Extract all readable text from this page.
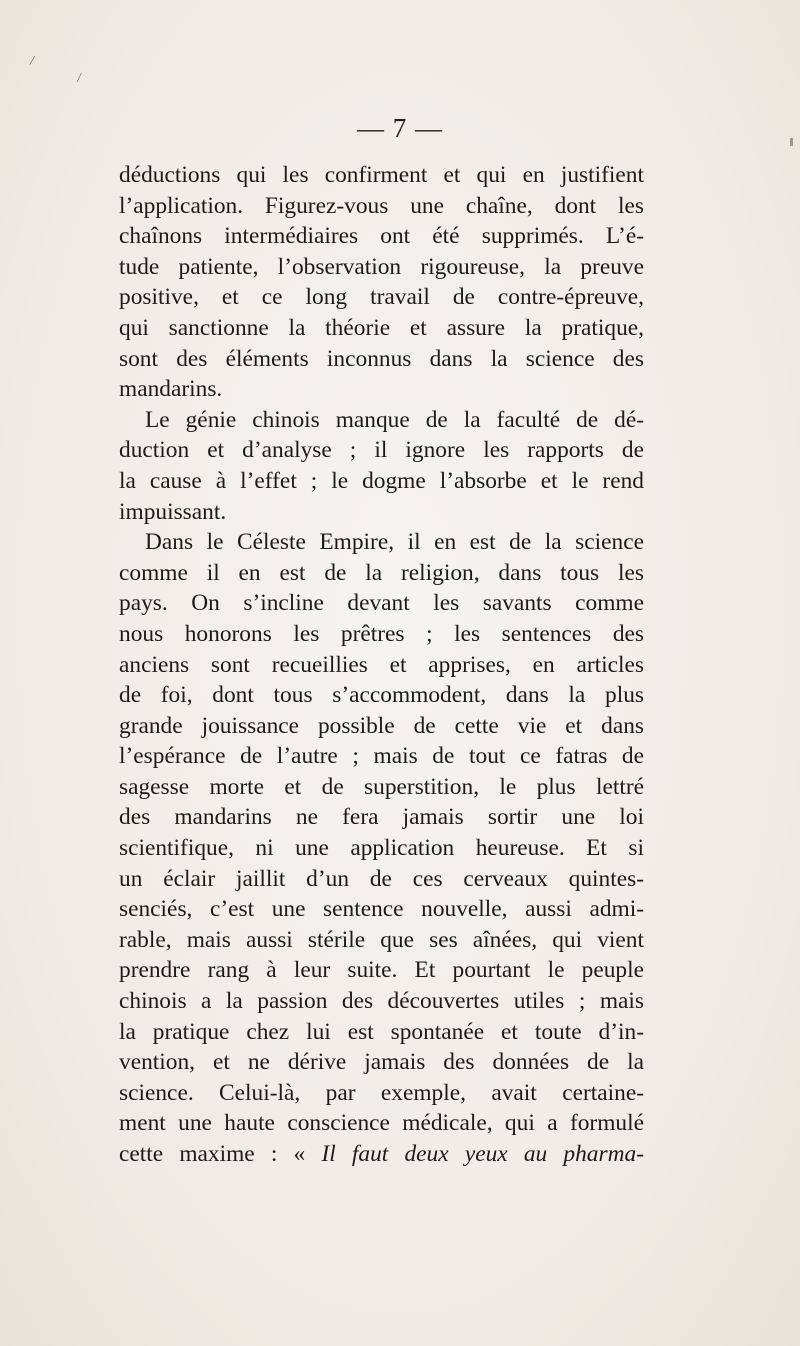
/
/
— 7 —
déductions qui les confirment et qui en justifient
l’application. Figurez-vous une chaîne, dont les
chaînons intermédiaires ont été supprimés. L’é-
tude patiente, l’observation rigoureuse, la preuve
positive, et ce long travail de contre-épreuve,
qui sanctionne la théorie et assure la pratique,
sont des éléments inconnus dans la science des
mandarins.
Le génie chinois manque de la faculté de dé-
duction et d’analyse ; il ignore les rapports de
la cause à l’effet ; le dogme l’absorbe et le rend
impuissant.
Dans le Céleste Empire, il en est de la science
comme il en est de la religion, dans tous les
pays. On s’incline devant les savants comme
nous honorons les prêtres ; les sentences des
anciens sont recueillies et apprises, en articles
de foi, dont tous s’accommodent, dans la plus
grande jouissance possible de cette vie et dans
l’espérance de l’autre ; mais de tout ce fatras de
sagesse morte et de superstition, le plus lettré
des mandarins ne fera jamais sortir une loi
scientifique, ni une application heureuse. Et si
un éclair jaillit d’un de ces cerveaux quintes-
senciés, c’est une sentence nouvelle, aussi admi-
rable, mais aussi stérile que ses aînées, qui vient
prendre rang à leur suite. Et pourtant le peuple
chinois a la passion des découvertes utiles ; mais
la pratique chez lui est spontanée et toute d’in-
vention, et ne dérive jamais des données de la
science. Celui-là, par exemple, avait certaine-
ment une haute conscience médicale, qui a formulé
cette maxime : « Il faut deux yeux au pharma-
